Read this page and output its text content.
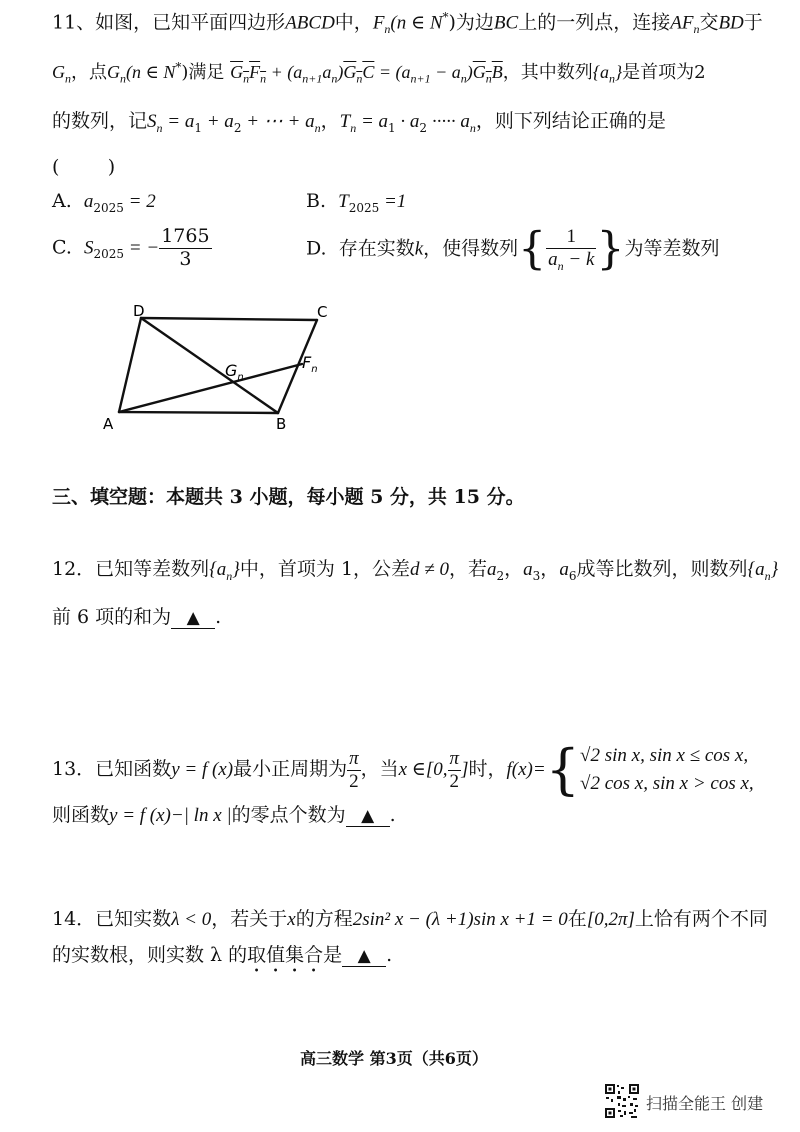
11、如图，已知平面四边形ABCD中，$F_n(n$ ∈ N*)为边BC上的一列点，连接$AF_n$交BD于
$G_n$，点$G_n(n$ ∈ N*)满足 $G_nF_n + (a_{n+1}a_n)G_nC = (a_{n+1} - a_n)G_nB$，其中数列$\{a_n\}$是首项为2
的数列，记$S_n = a_1 + a_2$ + ⋯ + $a_n$，$T_n = a_1 \cdot a_2$ ····· $a_n$，则下列结论正确的是
(        )
A. $a_{2025} = 2$	B. $T_{2025} =1$
C. $S_{2025}$ = − $\frac{1765}{3}$	D. 存在实数k，使得数列{ $\frac{1}{a_n - k}$ }为等差数列
D	C
A	B
$G_n$
$F_n$
三、填空题：本题共 3 小题，每小题 5 分，共 15 分。
12．已知等差数列$\{a_n\}$中，首项为 1，公差d ≠ 0，若$a_2$，$a_3$，$a_6$成等比数列，则数列$\{a_n\}$
前 6 项的和为 ▲ .
13．已知函数y = f (x)最小正周期为 $\frac{\pi}{2}$ ，当x ∈[0, $\frac{\pi}{2}$ ]时，f(x)={ √2 sin x, sin x ≤ cos x,
√2 cos x, sin x > cos x,
则函数y = f (x)−| ln x |的零点个数为 ▲ .
14．已知实数λ < 0，若关于x的方程2sin² x − (λ +1)sin x +1 = 0在[0,2π]上恰有两个不同
的实数根，则实数 λ 的取值集合是 ▲ .
高三数学 第3页（共6页）
扫描全能王 创建
